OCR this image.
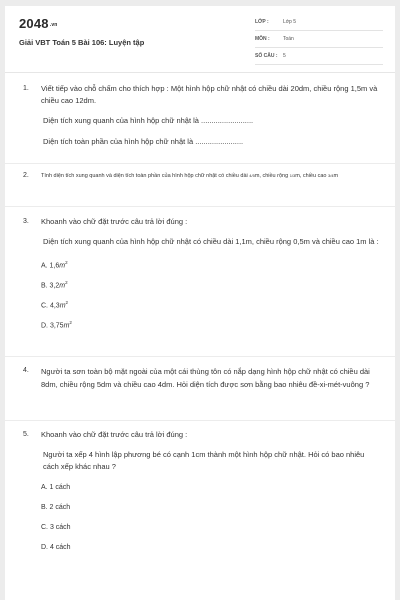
2048.vn
Giải VBT Toán 5 Bài 106: Luyện tập
LỚP :	Lớp 5
MÔN :	Toán
SỐ CÂU :	5
1.	Viết tiếp vào chỗ chấm cho thích hợp : Một hình hộp chữ nhật có chiều dài 20dm, chiều rộng 1,5m và chiều cao 12dm.
Diện tích xung quanh của hình hộp chữ nhật là .........................
Diện tích toàn phần của hình hộp chữ nhật là .......................
2.	Tính diện tích xung quanh và diện tích toàn phần của hình hộp chữ nhật có chiều dài 4/5m, chiều rộng 1/3m, chiều cao 3/4m
3.	Khoanh vào chữ đặt trước câu trả lời đúng :
Diện tích xung quanh của hình hộp chữ nhật có chiều dài 1,1m, chiều rộng 0,5m và chiều cao 1m là :
A. $1,6m^2$
B. $3,2m^2$
C. $4,3m^2$
D. $3,75m^2$
4.	Người ta sơn toàn bộ mặt ngoài của một cái thùng tôn có nắp dạng hình hộp chữ nhật có chiều dài 8dm, chiều rộng 5dm và chiều cao 4dm. Hỏi diện tích được sơn bằng bao nhiêu đề-xi-mét-vuông ?
5.	Khoanh vào chữ đặt trước câu trả lời đúng :
Người ta xếp 4 hình lập phương bé có cạnh 1cm thành một hình hộp chữ nhật. Hỏi có bao nhiêu cách xếp khác nhau ?
A. 1 cách
B. 2 cách
C. 3 cách
D. 4 cách
